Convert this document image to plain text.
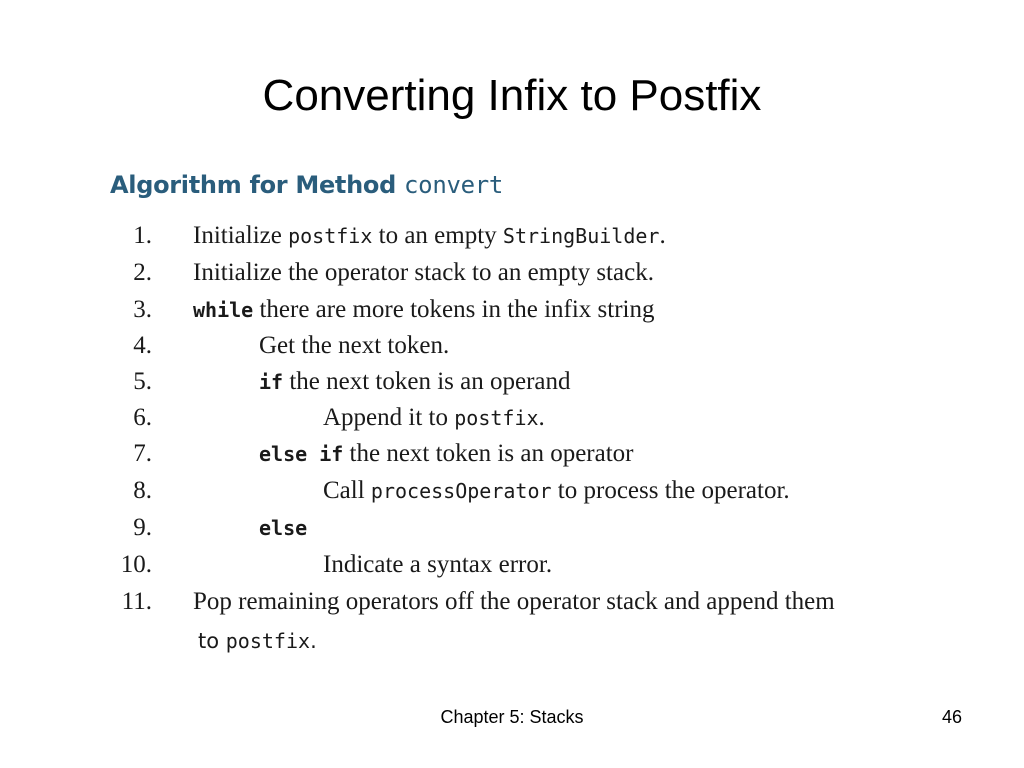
Converting Infix to Postfix
Algorithm for Method convert
1. Initialize postfix to an empty StringBuilder.
2. Initialize the operator stack to an empty stack.
3. while there are more tokens in the infix string
4.	Get the next token.
5.	if the next token is an operand
6.	Append it to postfix.
7.	else if the next token is an operator
8.	Call processOperator to process the operator.
9.	else
10.	Indicate a syntax error.
11. Pop remaining operators off the operator stack and append them
to postfix.
Chapter 5: Stacks	46
